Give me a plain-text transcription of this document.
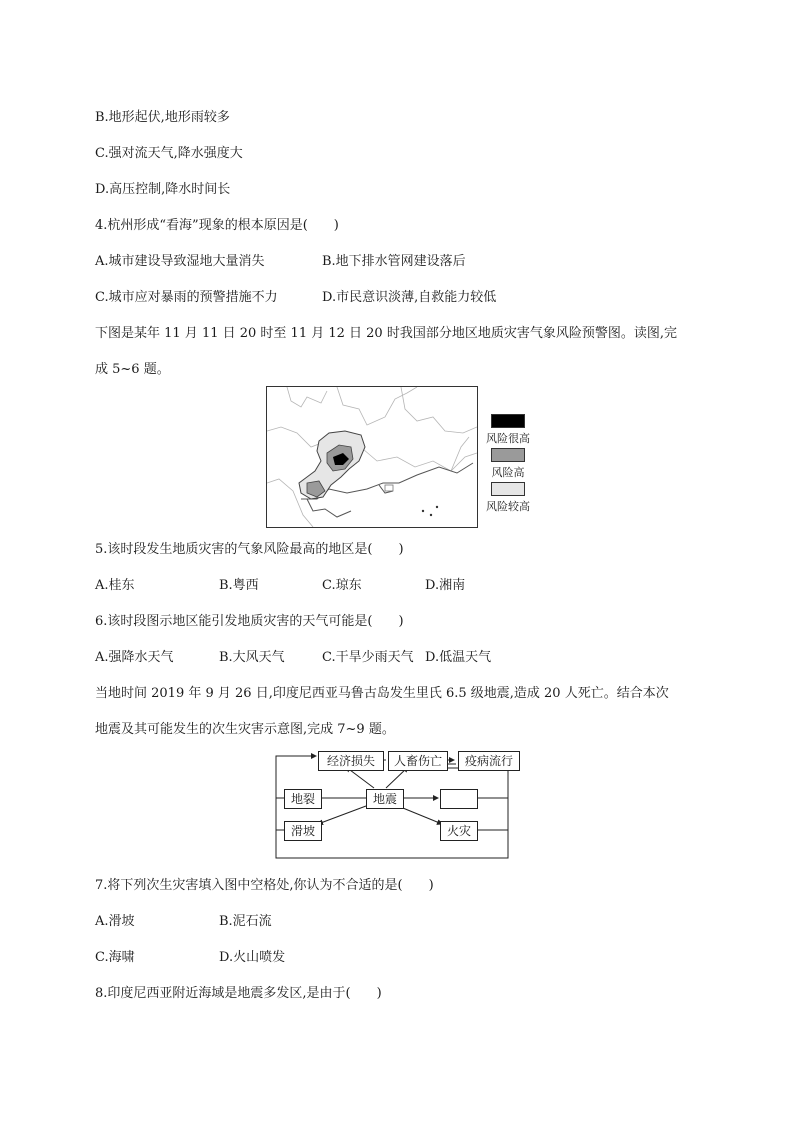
B.地形起伏,地形雨较多
C.强对流天气,降水强度大
D.高压控制,降水时间长
4.杭州形成“看海”现象的根本原因是(　　)
A.城市建设导致湿地大量消失	B.地下排水管网建设落后
C.城市应对暴雨的预警措施不力	D.市民意识淡薄,自救能力较低
下图是某年 11 月 11 日 20 时至 11 月 12 日 20 时我国部分地区地质灾害气象风险预警图。读图,完
成 5~6 题。
风险很高
风险高
风险较高
5.该时段发生地质灾害的气象风险最高的地区是(　　)
A.桂东	B.粤西	C.琼东	D.湘南
6.该时段图示地区能引发地质灾害的天气可能是(　　)
A.强降水天气	B.大风天气	C.干旱少雨天气 D.低温天气
当地时间 2019 年 9 月 26 日,印度尼西亚马鲁古岛发生里氏 6.5 级地震,造成 20 人死亡。结合本次
地震及其可能发生的次生灾害示意图,完成 7~9 题。
经济损失	人畜伤亡	疫病流行
地裂	地震
滑坡	火灾
7.将下列次生灾害填入图中空格处,你认为不合适的是(　　)
A.滑坡	B.泥石流
C.海啸	D.火山喷发
8.印度尼西亚附近海域是地震多发区,是由于(　　)
